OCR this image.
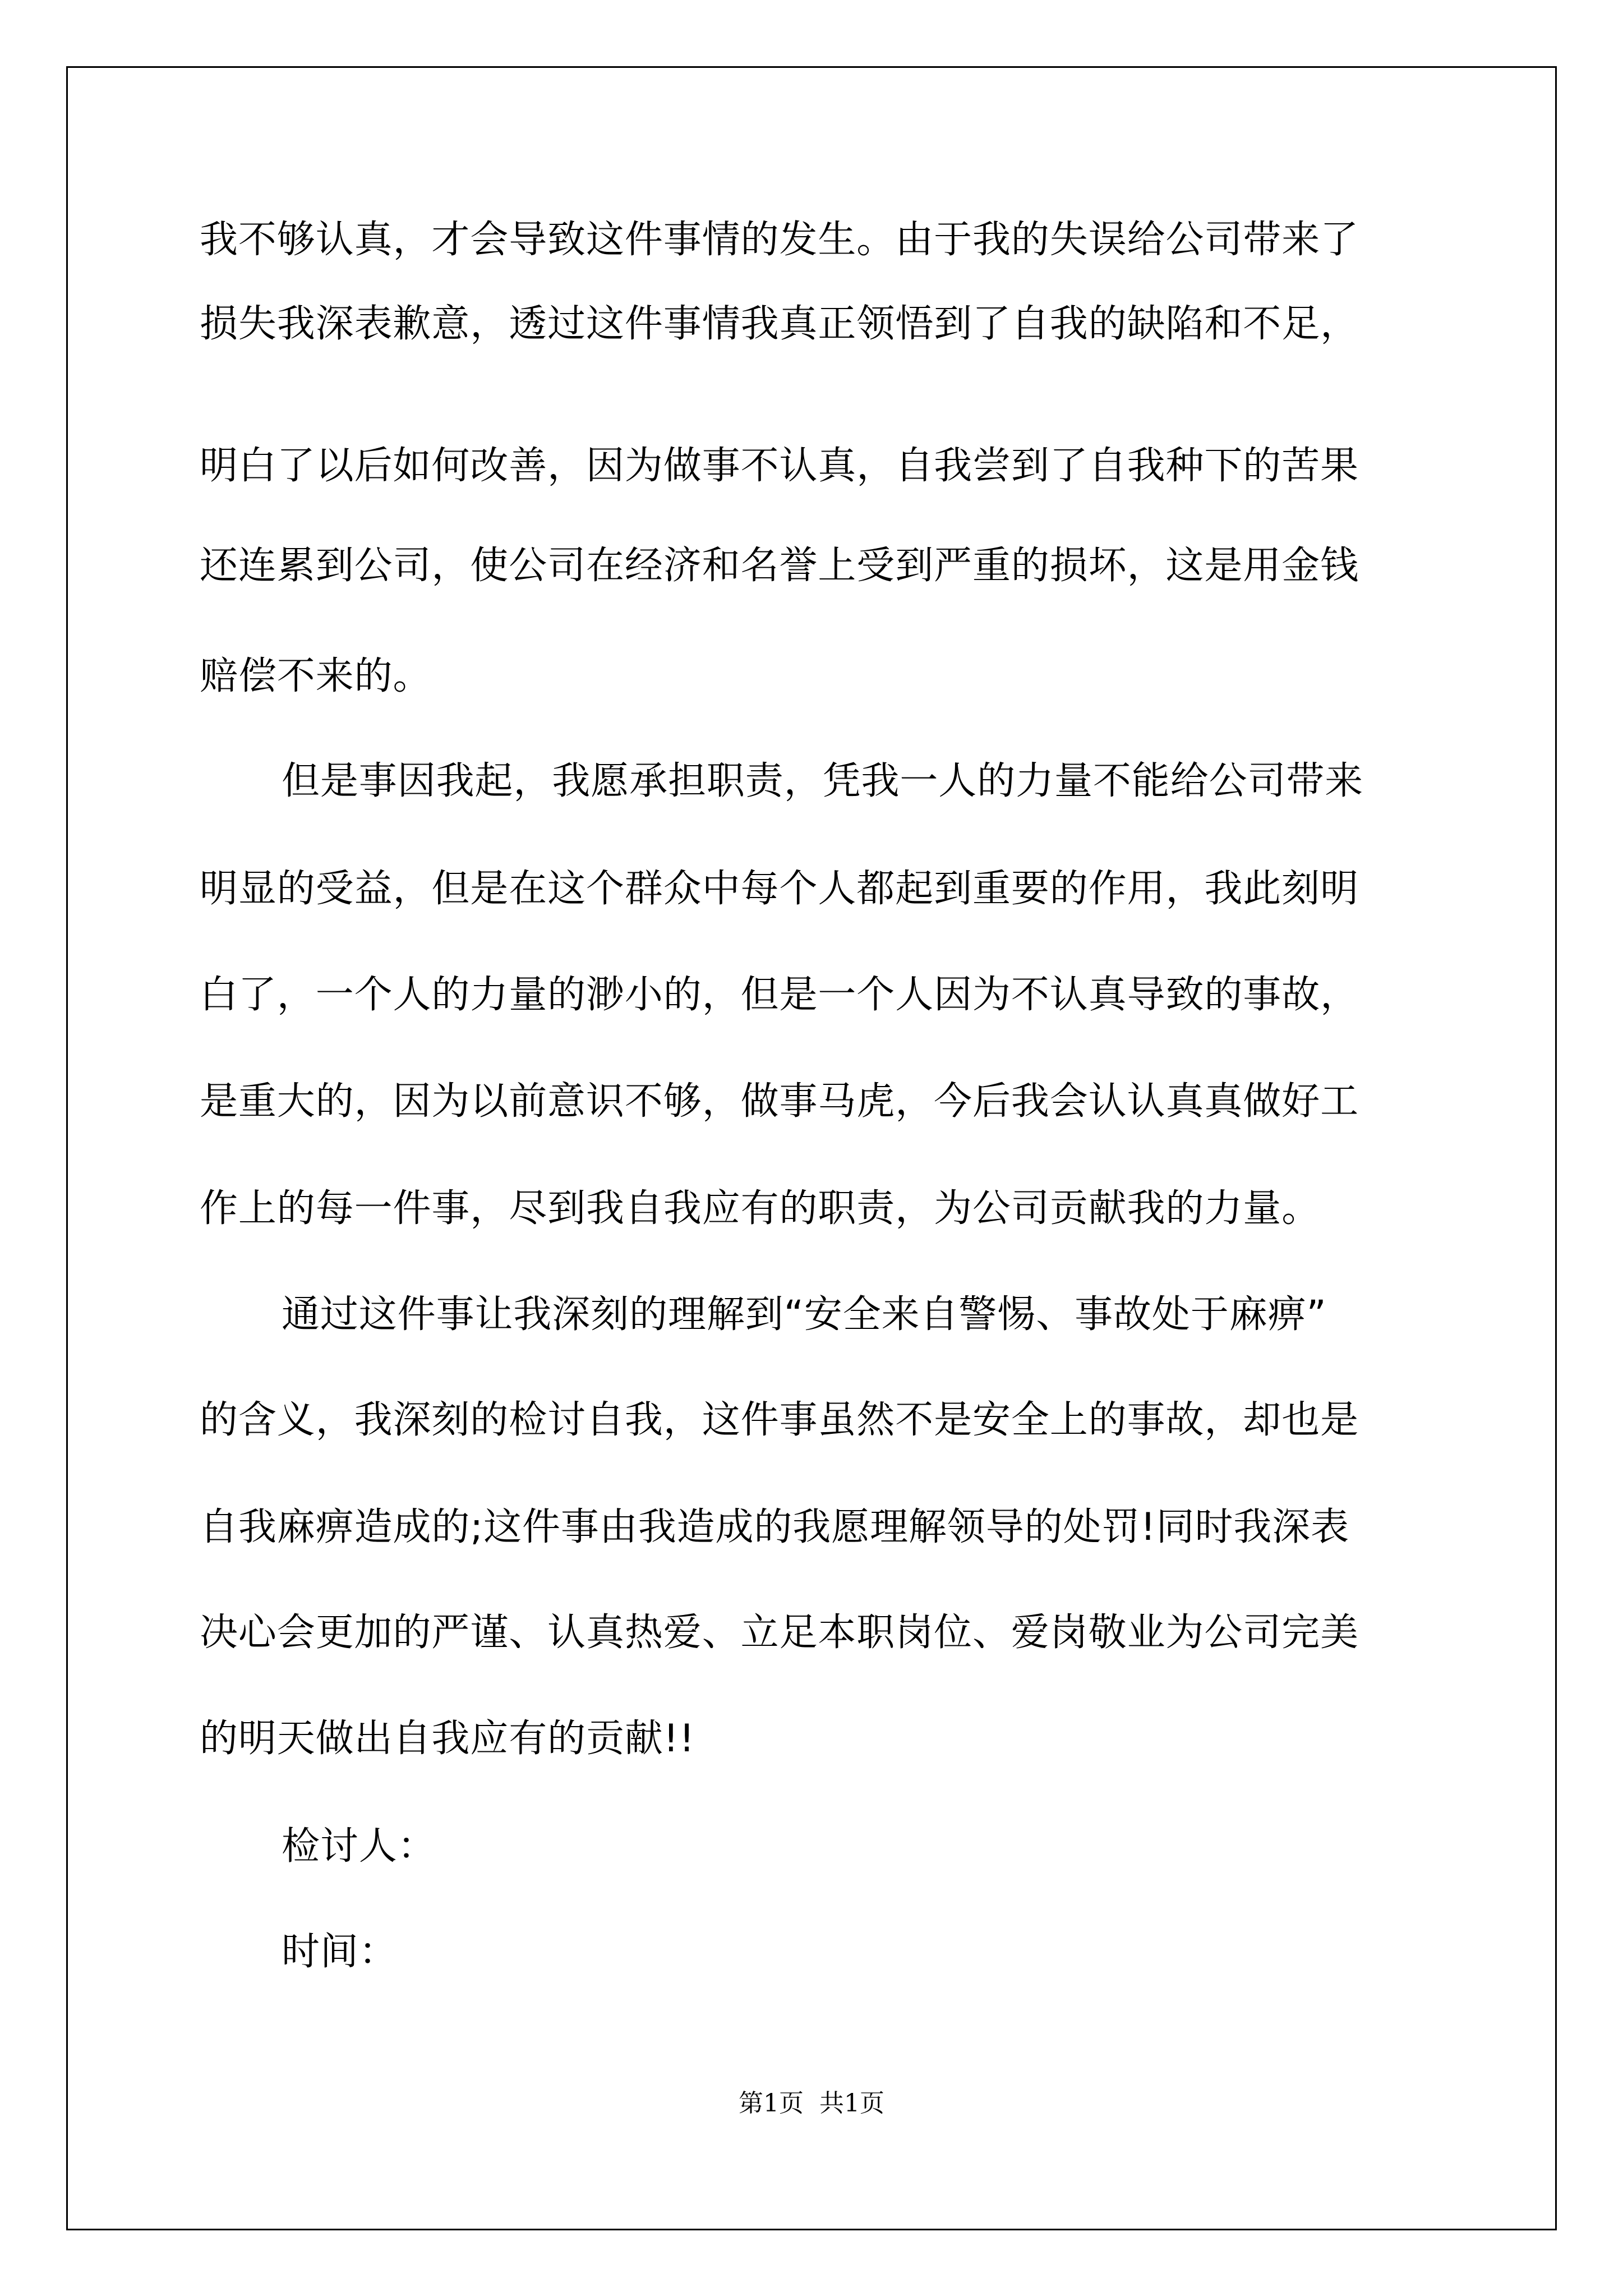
我不够认真，才会导致这件事情的发生。由于我的失误给公司带来了
损失我深表歉意，透过这件事情我真正领悟到了自我的缺陷和不足，
明白了以后如何改善，因为做事不认真，自我尝到了自我种下的苦果
还连累到公司，使公司在经济和名誉上受到严重的损坏，这是用金钱
赔偿不来的。
但是事因我起，我愿承担职责，凭我一人的力量不能给公司带来
明显的受益，但是在这个群众中每个人都起到重要的作用，我此刻明
白了，一个人的力量的渺小的，但是一个人因为不认真导致的事故，
是重大的，因为以前意识不够，做事马虎，今后我会认认真真做好工
作上的每一件事，尽到我自我应有的职责，为公司贡献我的力量。
通过这件事让我深刻的理解到“安全来自警惕、事故处于麻痹”
的含义，我深刻的检讨自我，这件事虽然不是安全上的事故，却也是
自我麻痹造成的;这件事由我造成的我愿理解领导的处罚!同时我深表
决心会更加的严谨、认真热爱、立足本职岗位、爱岗敬业为公司完美
的明天做出自我应有的贡献!!
检讨人：
时间：
第1页  共1页
